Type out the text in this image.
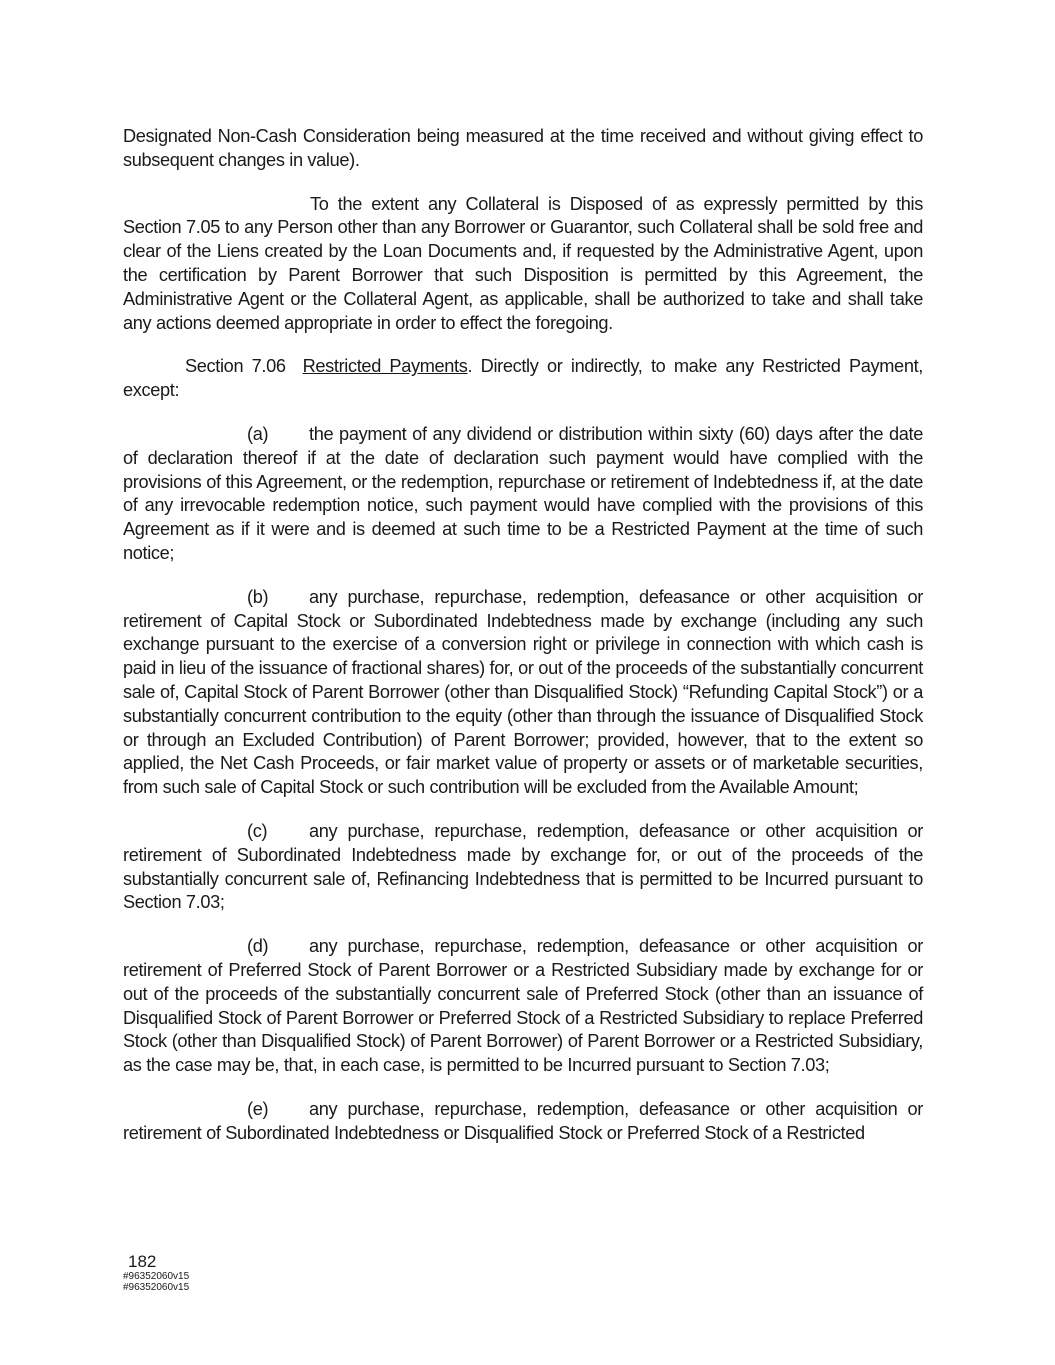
Designated Non-Cash Consideration being measured at the time received and without giving effect to subsequent changes in value).

To the extent any Collateral is Disposed of as expressly permitted by this Section 7.05 to any Person other than any Borrower or Guarantor, such Collateral shall be sold free and clear of the Liens created by the Loan Documents and, if requested by the Administrative Agent, upon the certification by Parent Borrower that such Disposition is permitted by this Agreement, the Administrative Agent or the Collateral Agent, as applicable, shall be authorized to take and shall take any actions deemed appropriate in order to effect the foregoing.

Section 7.06 Restricted Payments. Directly or indirectly, to make any Restricted Payment, except:

(a) the payment of any dividend or distribution within sixty (60) days after the date of declaration thereof if at the date of declaration such payment would have complied with the provisions of this Agreement, or the redemption, repurchase or retirement of Indebtedness if, at the date of any irrevocable redemption notice, such payment would have complied with the provisions of this Agreement as if it were and is deemed at such time to be a Restricted Payment at the time of such notice;

(b) any purchase, repurchase, redemption, defeasance or other acquisition or retirement of Capital Stock or Subordinated Indebtedness made by exchange (including any such exchange pursuant to the exercise of a conversion right or privilege in connection with which cash is paid in lieu of the issuance of fractional shares) for, or out of the proceeds of the substantially concurrent sale of, Capital Stock of Parent Borrower (other than Disqualified Stock) “Refunding Capital Stock”) or a substantially concurrent contribution to the equity (other than through the issuance of Disqualified Stock or through an Excluded Contribution) of Parent Borrower; provided, however, that to the extent so applied, the Net Cash Proceeds, or fair market value of property or assets or of marketable securities, from such sale of Capital Stock or such contribution will be excluded from the Available Amount;

(c) any purchase, repurchase, redemption, defeasance or other acquisition or retirement of Subordinated Indebtedness made by exchange for, or out of the proceeds of the substantially concurrent sale of, Refinancing Indebtedness that is permitted to be Incurred pursuant to Section 7.03;

(d) any purchase, repurchase, redemption, defeasance or other acquisition or retirement of Preferred Stock of Parent Borrower or a Restricted Subsidiary made by exchange for or out of the proceeds of the substantially concurrent sale of Preferred Stock (other than an issuance of Disqualified Stock of Parent Borrower or Preferred Stock of a Restricted Subsidiary to replace Preferred Stock (other than Disqualified Stock) of Parent Borrower) of Parent Borrower or a Restricted Subsidiary, as the case may be, that, in each case, is permitted to be Incurred pursuant to Section 7.03;

(e) any purchase, repurchase, redemption, defeasance or other acquisition or retirement of Subordinated Indebtedness or Disqualified Stock or Preferred Stock of a Restricted

182
#96352060v15
#96352060v15
